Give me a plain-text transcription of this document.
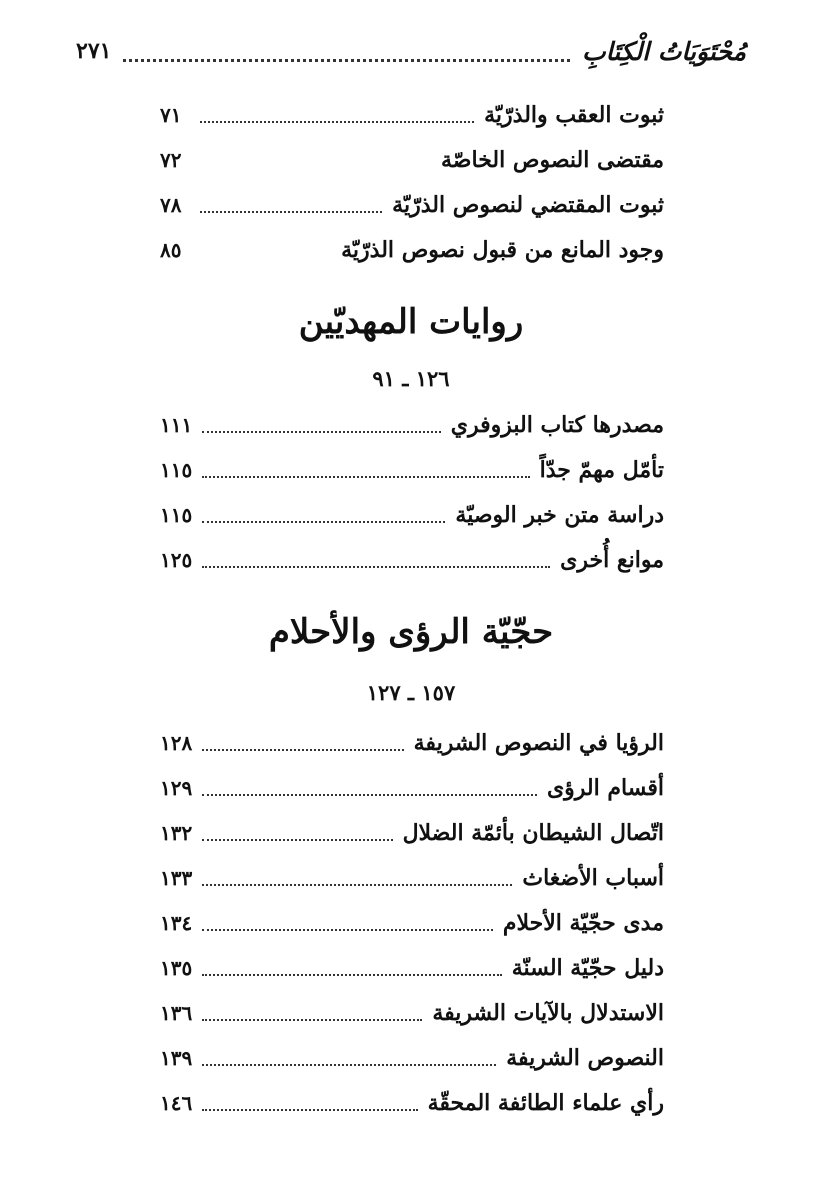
مُحْتَوَيَاتُ الْكِتَابِ
٢٧١
ثبوت العقب والذرّيّة
٧١
مقتضى النصوص الخاصّة
٧٢
ثبوت المقتضي لنصوص الذرّيّة
٧٨
وجود المانع من قبول نصوص الذرّيّة
٨٥
روايات المهديّين
١٢٦ ـ ٩١
مصدرها كتاب البزوفري
١١١
تأمّل مهمّ جدّاً
١١٥
دراسة متن خبر الوصيّة
١١٥
موانع أُخرى
١٢٥
حجّيّة الرؤى والأحلام
١٥٧ ـ ١٢٧
الرؤيا في النصوص الشريفة
١٢٨
أقسام الرؤى
١٢٩
اتّصال الشيطان بأئمّة الضلال
١٣٢
أسباب الأضغاث
١٣٣
مدى حجّيّة الأحلام
١٣٤
دليل حجّيّة السنّة
١٣٥
الاستدلال بالآيات الشريفة
١٣٦
النصوص الشريفة
١٣٩
رأي علماء الطائفة المحقّة
١٤٦
